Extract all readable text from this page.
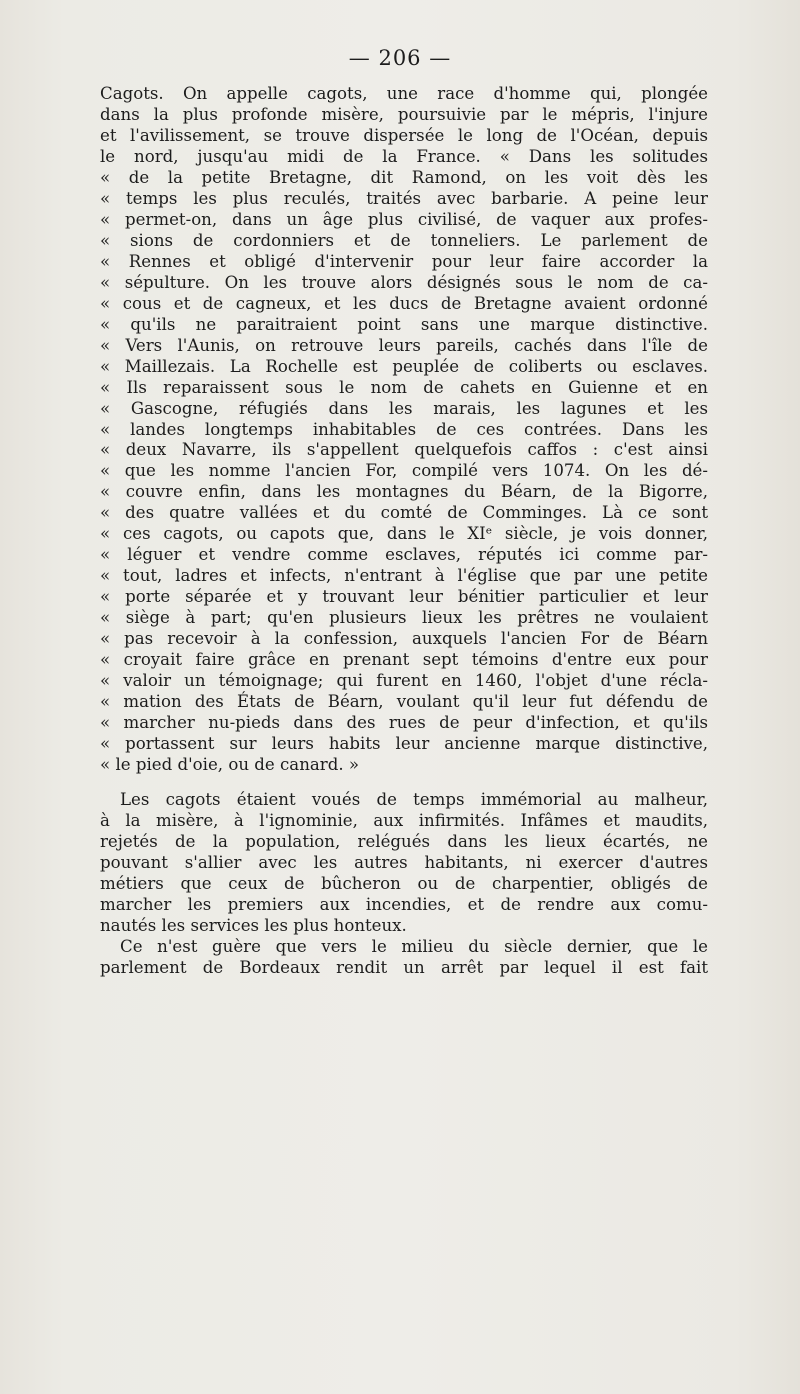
— 206 —
Cagots. On appelle cagots, une race d'homme qui, plongée
dans la plus profonde misère, poursuivie par le mépris, l'injure
et l'avilissement, se trouve dispersée le long de l'Océan, depuis
le nord, jusqu'au midi de la France. « Dans les solitudes
« de la petite Bretagne, dit Ramond, on les voit dès les
« temps les plus reculés, traités avec barbarie. A peine leur
« permet-on, dans un âge plus civilisé, de vaquer aux profes-
« sions de cordonniers et de tonneliers. Le parlement de
« Rennes et obligé d'intervenir pour leur faire accorder la
« sépulture. On les trouve alors désignés sous le nom de ca-
« cous et de cagneux, et les ducs de Bretagne avaient ordonné
« qu'ils ne paraitraient point sans une marque distinctive.
« Vers l'Aunis, on retrouve leurs pareils, cachés dans l'île de
« Maillezais. La Rochelle est peuplée de coliberts ou esclaves.
« Ils reparaissent sous le nom de cahets en Guienne et en
« Gascogne, réfugiés dans les marais, les lagunes et les
« landes longtemps inhabitables de ces contrées. Dans les
« deux Navarre, ils s'appellent quelquefois caffos : c'est ainsi
« que les nomme l'ancien For, compilé vers 1074. On les dé-
« couvre enfin, dans les montagnes du Béarn, de la Bigorre,
« des quatre vallées et du comté de Comminges. Là ce sont
« ces cagots, ou capots que, dans le XIᵉ siècle, je vois donner,
« léguer et vendre comme esclaves, réputés ici comme par-
« tout, ladres et infects, n'entrant à l'église que par une petite
« porte séparée et y trouvant leur bénitier particulier et leur
« siège à part; qu'en plusieurs lieux les prêtres ne voulaient
« pas recevoir à la confession, auxquels l'ancien For de Béarn
« croyait faire grâce en prenant sept témoins d'entre eux pour
« valoir un témoignage; qui furent en 1460, l'objet d'une récla-
« mation des États de Béarn, voulant qu'il leur fut défendu de
« marcher nu-pieds dans des rues de peur d'infection, et qu'ils
« portassent sur leurs habits leur ancienne marque distinctive,
« le pied d'oie, ou de canard. »
Les cagots étaient voués de temps immémorial au malheur,
à la misère, à l'ignominie, aux infirmités. Infâmes et maudits,
rejetés de la population, relégués dans les lieux écartés, ne
pouvant s'allier avec les autres habitants, ni exercer d'autres
métiers que ceux de bûcheron ou de charpentier, obligés de
marcher les premiers aux incendies, et de rendre aux comu-
nautés les services les plus honteux.
Ce n'est guère que vers le milieu du siècle dernier, que le
parlement de Bordeaux rendit un arrêt par lequel il est fait
